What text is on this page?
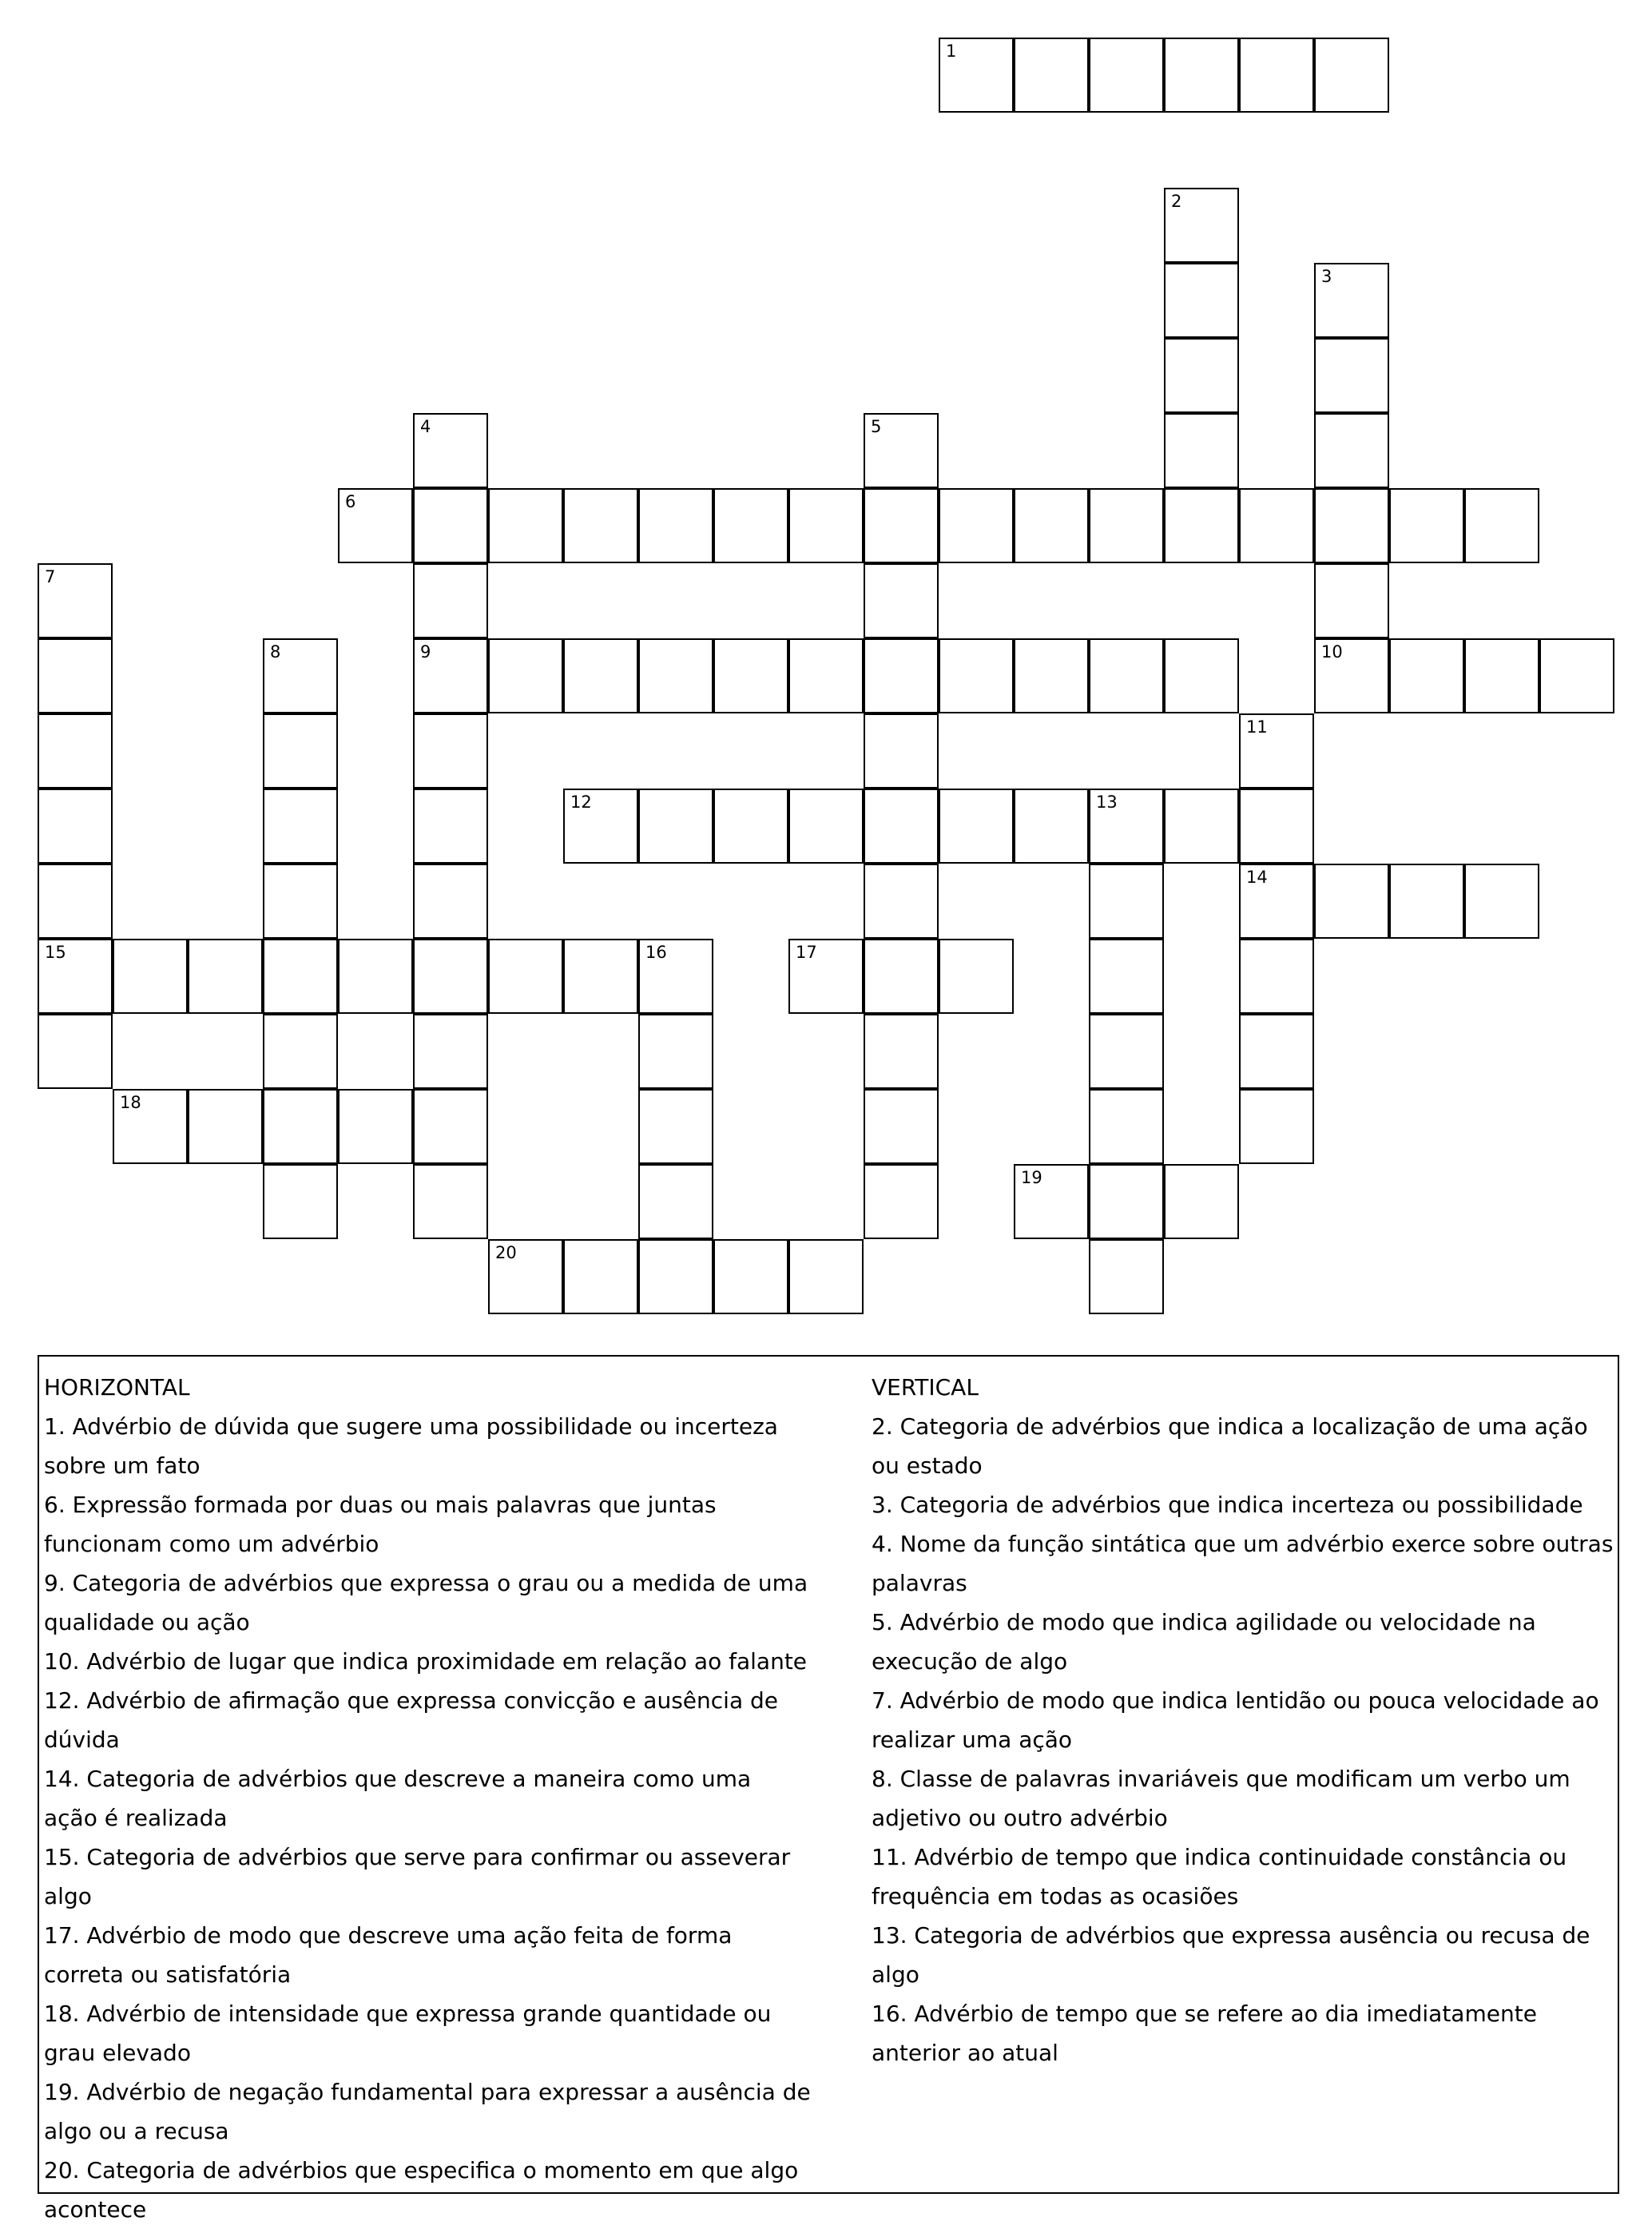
1
2
3
4	5
6
7
8	9	10
11
12	13
14
15	16	17
18
19
20
HORIZONTAL
1. Advérbio de dúvida que sugere uma possibilidade ou incerteza sobre um fato
6. Expressão formada por duas ou mais palavras que juntas funcionam como um advérbio
9. Categoria de advérbios que expressa o grau ou a medida de uma qualidade ou ação
10. Advérbio de lugar que indica proximidade em relação ao falante
12. Advérbio de afirmação que expressa convicção e ausência de dúvida
14. Categoria de advérbios que descreve a maneira como uma ação é realizada
15. Categoria de advérbios que serve para confirmar ou asseverar algo
17. Advérbio de modo que descreve uma ação feita de forma correta ou satisfatória
18. Advérbio de intensidade que expressa grande quantidade ou grau elevado
19. Advérbio de negação fundamental para expressar a ausência de algo ou a recusa
20. Categoria de advérbios que especifica o momento em que algo acontece
VERTICAL
2. Categoria de advérbios que indica a localização de uma ação ou estado
3. Categoria de advérbios que indica incerteza ou possibilidade
4. Nome da função sintática que um advérbio exerce sobre outras palavras
5. Advérbio de modo que indica agilidade ou velocidade na execução de algo
7. Advérbio de modo que indica lentidão ou pouca velocidade ao realizar uma ação
8. Classe de palavras invariáveis que modificam um verbo um adjetivo ou outro advérbio
11. Advérbio de tempo que indica continuidade constância ou frequência em todas as ocasiões
13. Categoria de advérbios que expressa ausência ou recusa de algo
16. Advérbio de tempo que se refere ao dia imediatamente anterior ao atual
